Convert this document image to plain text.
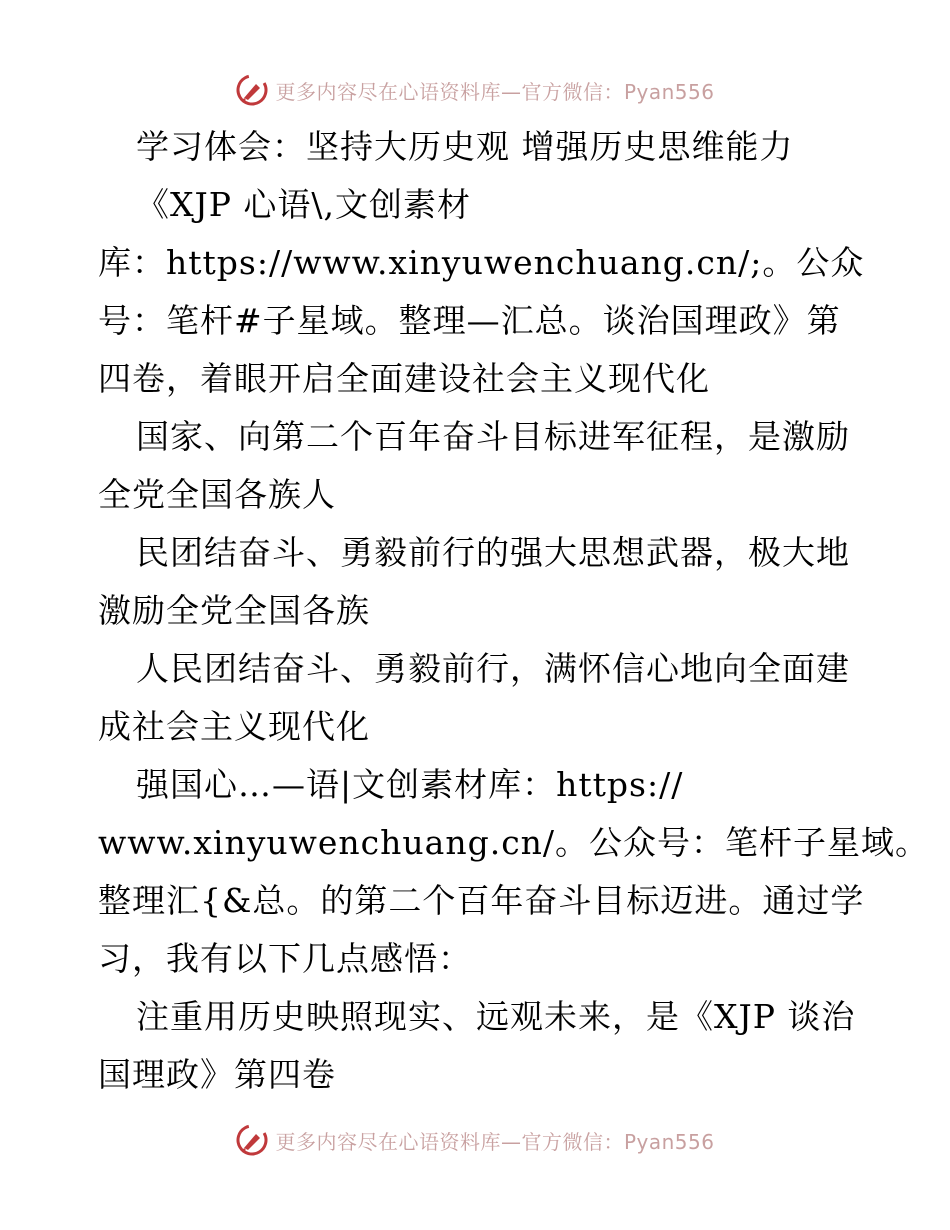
更多内容尽在心语资料库—官方微信：Pyan556
学习体会：坚持大历史观 增强历史思维能力
《XJP 心语\,文创素材
库：https://www.xinyuwenchuang.cn/;。公众
号：笔杆#子星域。整理—汇总。谈治国理政》第
四卷，着眼开启全面建设社会主义现代化
国家、向第二个百年奋斗目标进军征程，是激励
全党全国各族人
民团结奋斗、勇毅前行的强大思想武器，极大地
激励全党全国各族
人民团结奋斗、勇毅前行，满怀信心地向全面建
成社会主义现代化
强国心…—语|文创素材库：https://
www.xinyuwenchuang.cn/。公众号：笔杆子星域。
整理汇{&总。的第二个百年奋斗目标迈进。通过学
习，我有以下几点感悟：
注重用历史映照现实、远观未来，是《XJP 谈治
国理政》第四卷
更多内容尽在心语资料库—官方微信：Pyan556
